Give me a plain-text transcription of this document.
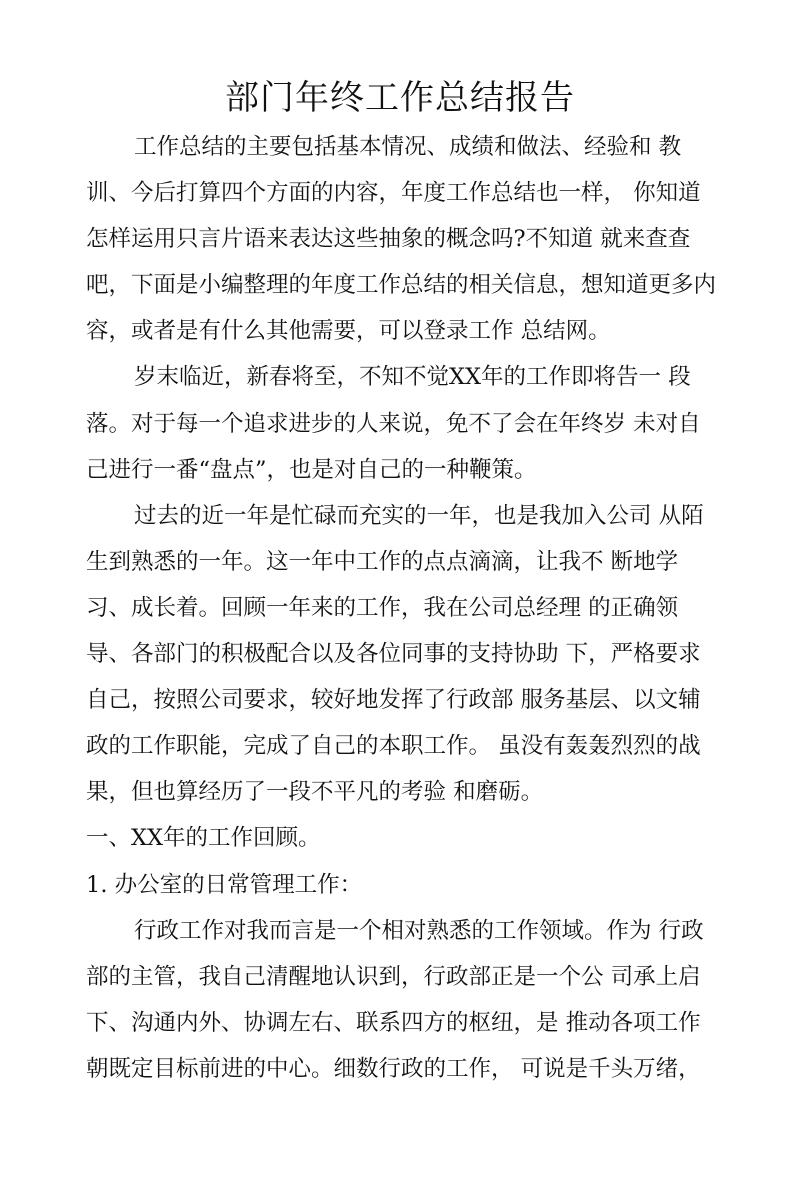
部门年终工作总结报告
工作总结的主要包括基本情况、成绩和做法、经验和 教
训、今后打算四个方面的内容，年度工作总结也一样， 你知道
怎样运用只言片语来表达这些抽象的概念吗?不知道 就来查查
吧，下面是小编整理的年度工作总结的相关信息，想知道更多内
容，或者是有什么其他需要，可以登录工作 总结网。
岁末临近，新春将至，不知不觉XX年的工作即将告一 段
落。对于每一个追求进步的人来说，免不了会在年终岁 未对自
己进行一番“盘点”，也是对自己的一种鞭策。
过去的近一年是忙碌而充实的一年，也是我加入公司 从陌
生到熟悉的一年。这一年中工作的点点滴滴，让我不 断地学
习、成长着。回顾一年来的工作，我在公司总经理 的正确领
导、各部门的积极配合以及各位同事的支持协助 下，严格要求
自己，按照公司要求，较好地发挥了行政部 服务基层、以文辅
政的工作职能，完成了自己的本职工作。 虽没有轰轰烈烈的战
果，但也算经历了一段不平凡的考验 和磨砺。
一、XX年的工作回顾。
1. 办公室的日常管理工作：
行政工作对我而言是一个相对熟悉的工作领域。作为 行政
部的主管，我自己清醒地认识到，行政部正是一个公 司承上启
下、沟通内外、协调左右、联系四方的枢纽，是 推动各项工作
朝既定目标前进的中心。细数行政的工作， 可说是千头万绪，
